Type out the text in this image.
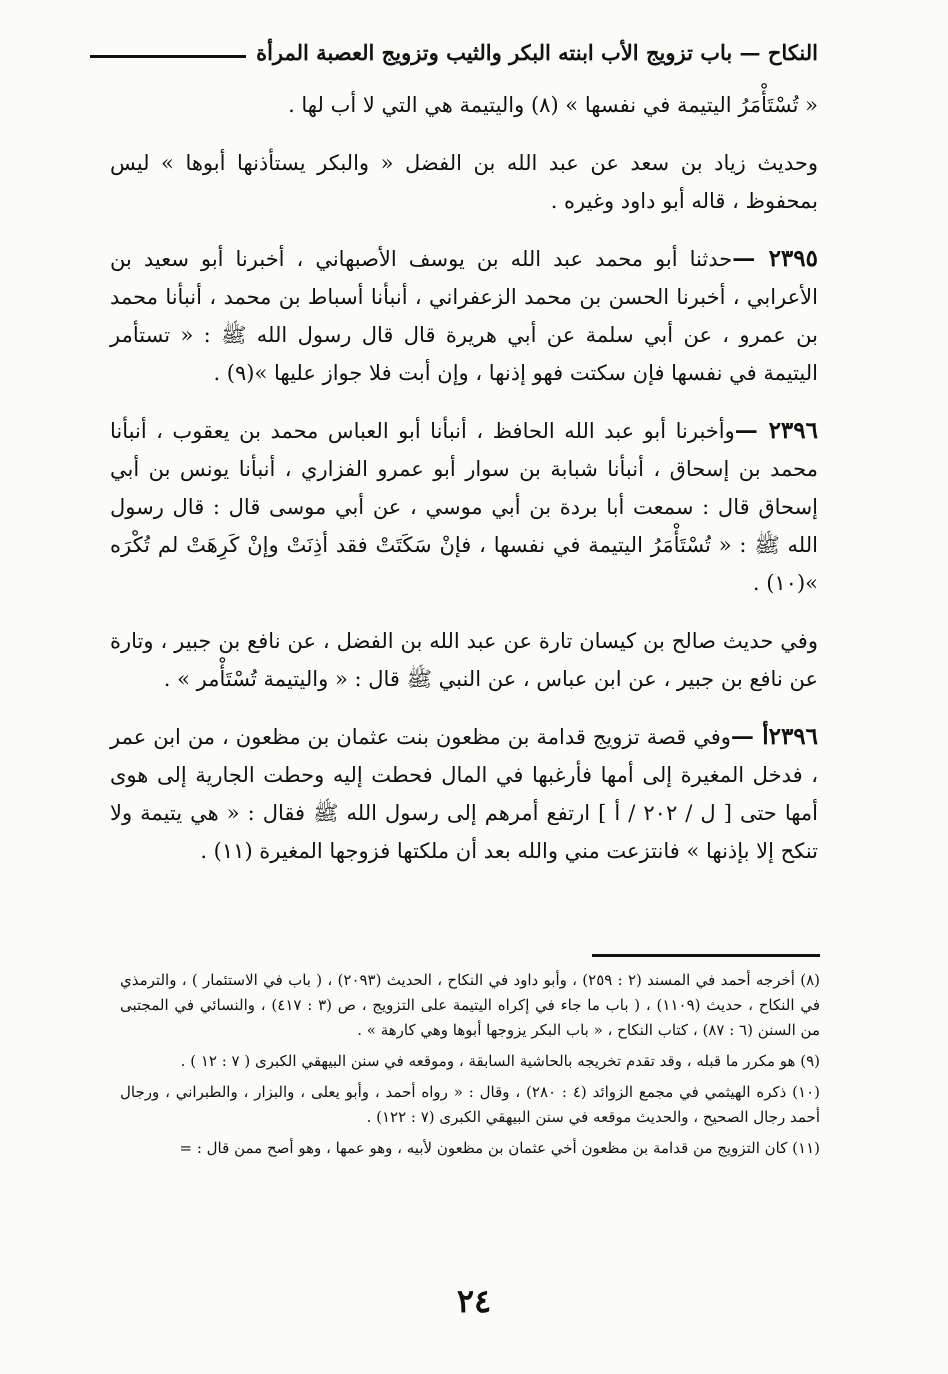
النكاح — باب تزويج الأب ابنته البكر والثيب وتزويج العصبة المرأة

« تُسْتَأْمَرُ اليتيمة في نفسها » (٨) واليتيمة هي التي لا أب لها .

وحديث زياد بن سعد عن عبد الله بن الفضل « والبكر يستأذنها أبوها » ليس بمحفوظ ، قاله أبو داود وغيره .

٢٣٩٥ —حدثنا أبو محمد عبد الله بن يوسف الأصبهاني ، أخبرنا أبو سعيد بن الأعرابي ، أخبرنا الحسن بن محمد الزعفراني ، أنبأنا أسباط بن محمد ، أنبأنا محمد بن عمرو ، عن أبي سلمة عن أبي هريرة قال قال رسول الله ﷺ : « تستأمر اليتيمة في نفسها فإن سكتت فهو إذنها ، وإن أبت فلا جواز عليها »(٩) .

٢٣٩٦ —وأخبرنا أبو عبد الله الحافظ ، أنبأنا أبو العباس محمد بن يعقوب ، أنبأنا محمد بن إسحاق ، أنبأنا شبابة بن سوار أبو عمرو الفزاري ، أنبأنا يونس بن أبي إسحاق قال : سمعت أبا بردة بن أبي موسي ، عن أبي موسى قال : قال رسول الله ﷺ : « تُسْتَأْمَرُ اليتيمة في نفسها ، فإنْ سَكَتَتْ فقد أذِنَتْ وإنْ كَرِهَتْ لم تُكْرَه »(١٠) .

وفي حديث صالح بن كيسان تارة عن عبد الله بن الفضل ، عن نافع بن جبير ، وتارة عن نافع بن جبير ، عن ابن عباس ، عن النبي ﷺ قال : « واليتيمة تُسْتَأْمر » .

٢٣٩٦أ —وفي قصة تزويج قدامة بن مظعون بنت عثمان بن مظعون ، من ابن عمر ، فدخل المغيرة إلى أمها فأرغبها في المال فحطت إليه وحطت الجارية إلى هوى أمها حتى [ ل / ٢٠٢ / أ ] ارتفع أمرهم إلى رسول الله ﷺ فقال : « هي يتيمة ولا تنكح إلا بإذنها » فانتزعت مني والله بعد أن ملكتها فزوجها المغيرة (١١) .

(٨) أخرجه أحمد في المسند (٢ : ٢٥٩) ، وأبو داود في النكاح ، الحديث (٢٠٩٣) ، ( باب في الاستئمار ) ، والترمذي في النكاح ، حديث (١١٠٩) ، ( باب ما جاء في إكراه اليتيمة على التزويج ، ص (٣ : ٤١٧) ، والنسائي في المجتبى من السنن (٦ : ٨٧) ، كتاب النكاح ، « باب البكر يزوجها أبوها وهي كارهة » .

(٩) هو مكرر ما قبله ، وقد تقدم تخريجه بالحاشية السابقة ، وموقعه في سنن البيهقي الكبرى ( ٧ : ١٢ ) .

(١٠) ذكره الهيثمي في مجمع الزوائد (٤ : ٢٨٠) ، وقال : « رواه أحمد ، وأبو يعلى ، والبزار ، والطبراني ، ورجال أحمد رجال الصحيح ، والحديث موقعه في سنن البيهقي الكبرى (٧ : ١٢٢) .

(١١) كان التزويج من قدامة بن مظعون أخي عثمان بن مظعون لأبيه ، وهو عمها ، وهو أصح ممن قال : =

٢٤
